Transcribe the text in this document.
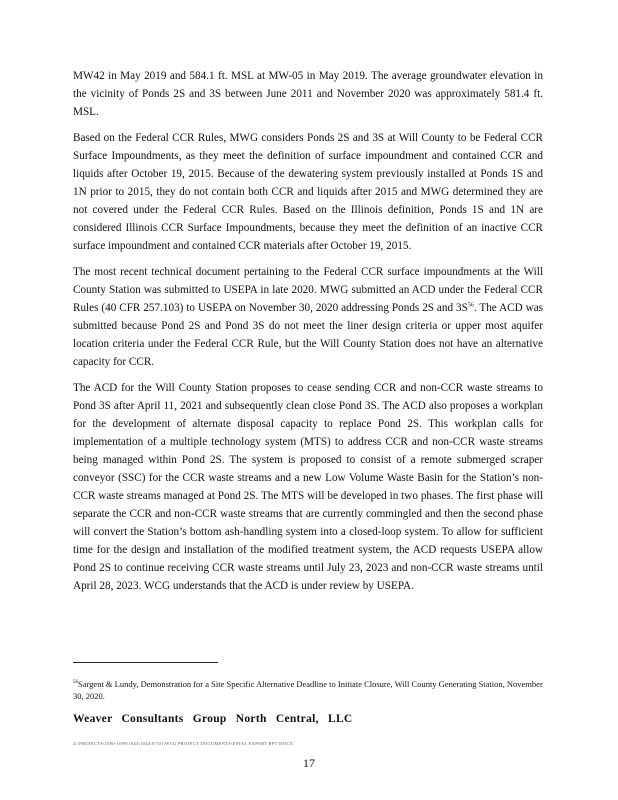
MW42 in May 2019 and 584.1 ft. MSL at MW-05 in May 2019. The average groundwater elevation in the vicinity of Ponds 2S and 3S between June 2011 and November 2020 was approximately 581.4 ft. MSL.

Based on the Federal CCR Rules, MWG considers Ponds 2S and 3S at Will County to be Federal CCR Surface Impoundments, as they meet the definition of surface impoundment and contained CCR and liquids after October 19, 2015. Because of the dewatering system previously installed at Ponds 1S and 1N prior to 2015, they do not contain both CCR and liquids after 2015 and MWG determined they are not covered under the Federal CCR Rules. Based on the Illinois definition, Ponds 1S and 1N are considered Illinois CCR Surface Impoundments, because they meet the definition of an inactive CCR surface impoundment and contained CCR materials after October 19, 2015.

The most recent technical document pertaining to the Federal CCR surface impoundments at the Will County Station was submitted to USEPA in late 2020. MWG submitted an ACD under the Federal CCR Rules (40 CFR 257.103) to USEPA on November 30, 2020 addressing Ponds 2S and 3S$^{56}$. The ACD was submitted because Pond 2S and Pond 3S do not meet the liner design criteria or upper most aquifer location criteria under the Federal CCR Rule, but the Will County Station does not have an alternative capacity for CCR.

The ACD for the Will County Station proposes to cease sending CCR and non-CCR waste streams to Pond 3S after April 11, 2021 and subsequently clean close Pond 3S. The ACD also proposes a workplan for the development of alternate disposal capacity to replace Pond 2S. This workplan calls for implementation of a multiple technology system (MTS) to address CCR and non-CCR waste streams being managed within Pond 2S. The system is proposed to consist of a remote submerged scraper conveyor (SSC) for the CCR waste streams and a new Low Volume Waste Basin for the Station’s non-CCR waste streams managed at Pond 2S. The MTS will be developed in two phases. The first phase will separate the CCR and non-CCR waste streams that are currently commingled and then the second phase will convert the Station’s bottom ash-handling system into a closed-loop system. To allow for sufficient time for the design and installation of the modified treatment system, the ACD requests USEPA allow Pond 2S to continue receiving CCR waste streams until July 23, 2023 and non-CCR waste streams until April 28, 2023. WCG understands that the ACD is under review by USEPA.

$^{56}$Sargent & Lundy, Demonstration for a Site Specific Alternative Deadline to Initiate Closure, Will County Generating Station, November 30, 2020.
Weaver Consultants Group North Central, LLC
Z:\PROJECTS\1000-1099\1044\1044\07\01\WCG PROJECT DOCUMENTS\FINAL EXPERT RPT\DOCX
17
